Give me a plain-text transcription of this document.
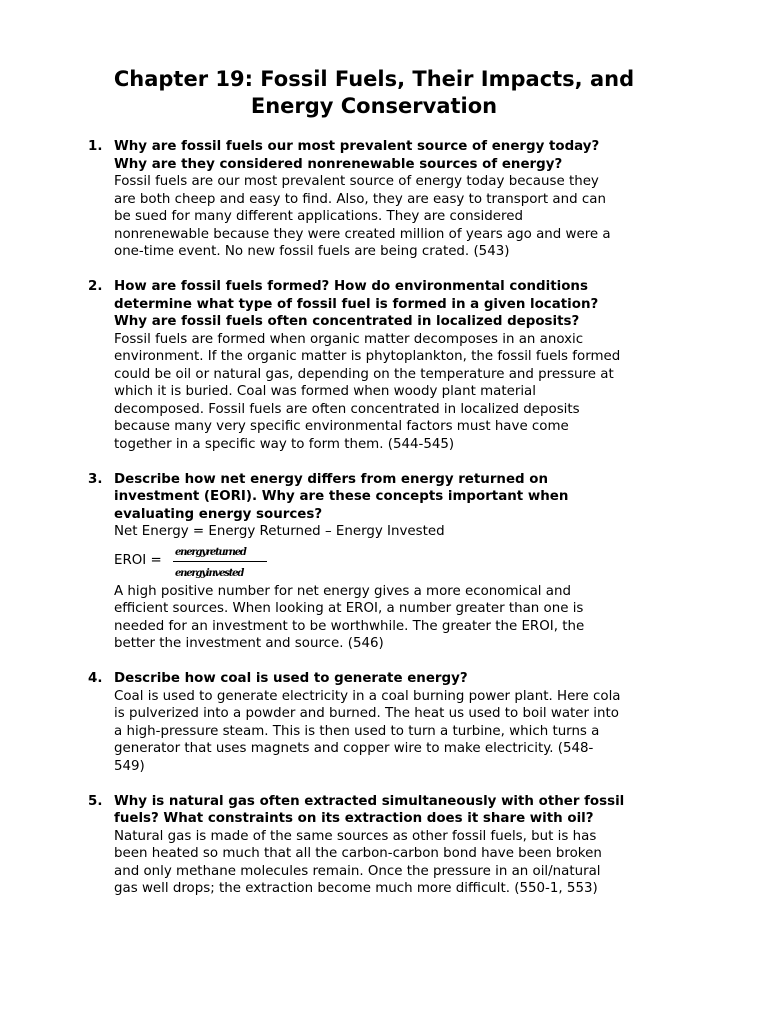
Chapter 19: Fossil Fuels, Their Impacts, and
Energy Conservation
1. Why are fossil fuels our most prevalent source of energy today?
Why are they considered nonrenewable sources of energy?
Fossil fuels are our most prevalent source of energy today because they
are both cheep and easy to find. Also, they are easy to transport and can
be sued for many different applications. They are considered
nonrenewable because they were created million of years ago and were a
one-time event. No new fossil fuels are being crated. (543)
2. How are fossil fuels formed? How do environmental conditions
determine what type of fossil fuel is formed in a given location?
Why are fossil fuels often concentrated in localized deposits?
Fossil fuels are formed when organic matter decomposes in an anoxic
environment. If the organic matter is phytoplankton, the fossil fuels formed
could be oil or natural gas, depending on the temperature and pressure at
which it is buried. Coal was formed when woody plant material
decomposed. Fossil fuels are often concentrated in localized deposits
because many very specific environmental factors must have come
together in a specific way to form them. (544-545)
3. Describe how net energy differs from energy returned on
investment (EORI). Why are these concepts important when
evaluating energy sources?
Net Energy = Energy Returned – Energy Invested
EROI =
energyreturned
energyinvested
A high positive number for net energy gives a more economical and
efficient sources. When looking at EROI, a number greater than one is
needed for an investment to be worthwhile. The greater the EROI, the
better the investment and source. (546)
4. Describe how coal is used to generate energy?
Coal is used to generate electricity in a coal burning power plant. Here cola
is pulverized into a powder and burned. The heat us used to boil water into
a high-pressure steam. This is then used to turn a turbine, which turns a
generator that uses magnets and copper wire to make electricity. (548-
549)
5. Why is natural gas often extracted simultaneously with other fossil
fuels? What constraints on its extraction does it share with oil?
Natural gas is made of the same sources as other fossil fuels, but is has
been heated so much that all the carbon-carbon bond have been broken
and only methane molecules remain. Once the pressure in an oil/natural
gas well drops; the extraction become much more difficult. (550-1, 553)
